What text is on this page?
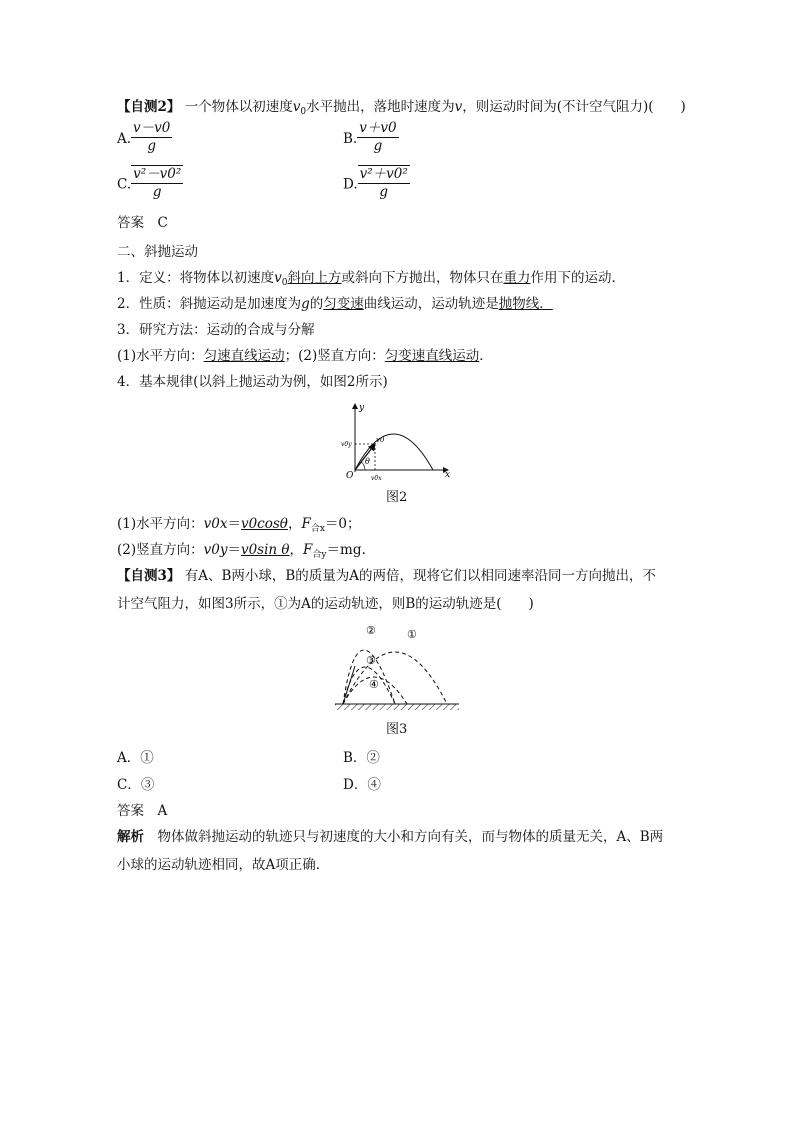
【自测2】 一个物体以初速度$v_0$水平抛出，落地时速度为v，则运动时间为(不计空气阻力)(　　)
A. $\frac{v-v0}{g}$	B. $\frac{v+v0}{g}$
C. $\frac{\text{v²－v0²}}{g}$	D. $\frac{\text{v²＋v0²}}{g}$
答案　 C
二、斜抛运动
1．定义：将物体以初速度$v_0$斜向上方或斜向下方抛出，物体只在重力作用下的运动．
2．性质：斜抛运动是加速度为g的匀变速曲线运动，运动轨迹是抛物线．
3．研究方法：运动的合成与分解
(1)水平方向：匀速直线运动；(2)竖直方向：匀变速直线运动．
4．基本规律(以斜上抛运动为例，如图2所示)
y
x
O
v0
v0y
v0x
θ
图2
(1)水平方向：v0x＝v0cosθ，$F_{合x}=0$；
(2)竖直方向：v0y＝v0sin θ，$F_{合y}=mg$.
【自测3】 有A、B两小球，B的质量为A的两倍，现将它们以相同速率沿同一方向抛出，不
计空气阻力，如图3所示，①为A的运动轨迹，则B的运动轨迹是(　　)
①
②
③
④
图3
A．①	B．②
C．③	D．④
答案　 A
解析　 物体做斜抛运动的轨迹只与初速度的大小和方向有关，而与物体的质量无关，A、B两
小球的运动轨迹相同，故A项正确．
